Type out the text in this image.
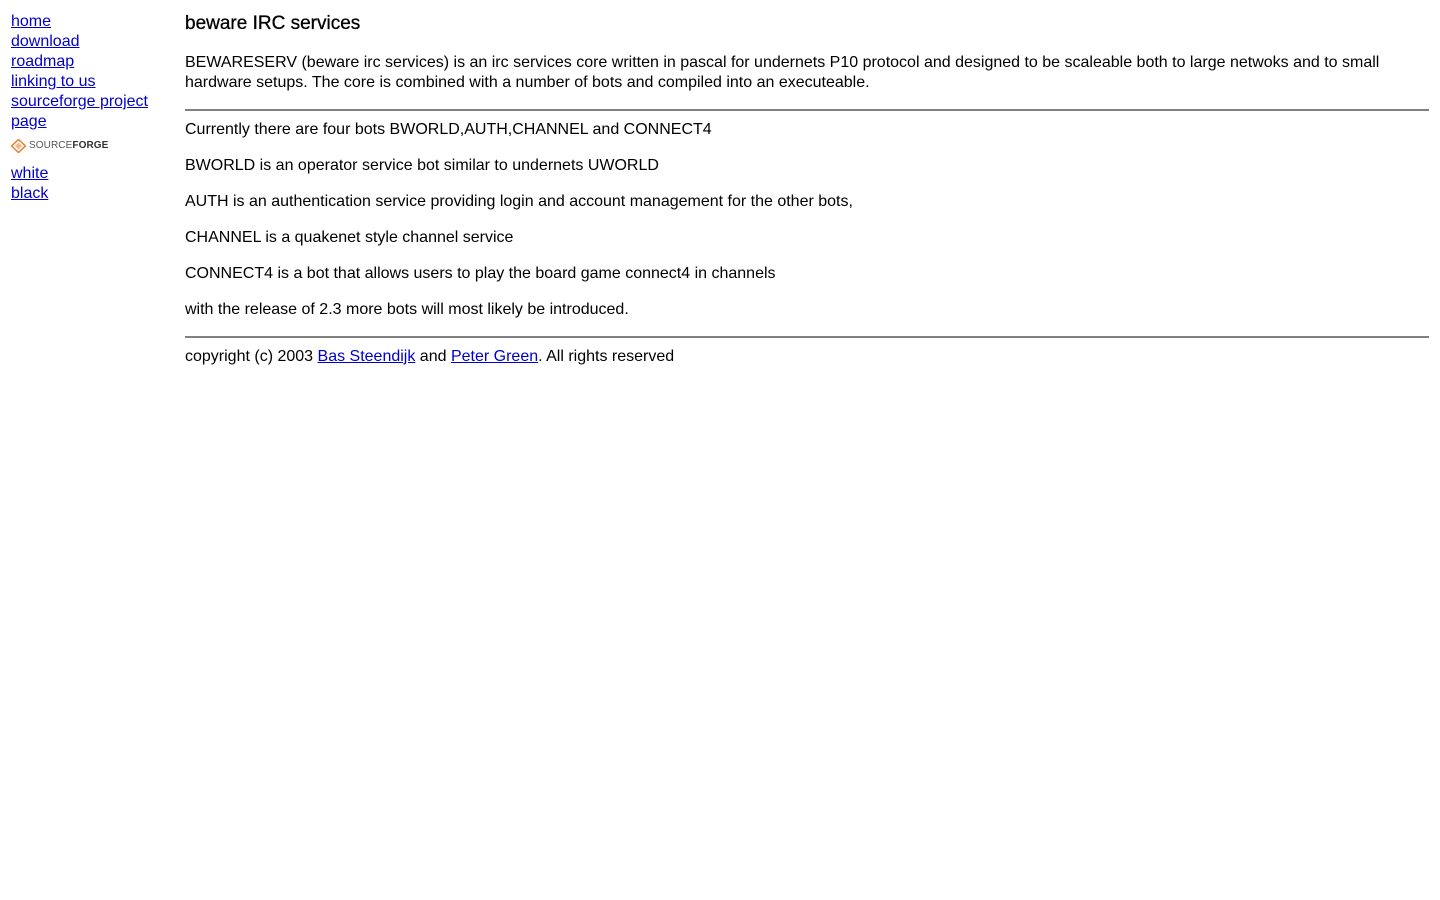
home
download
roadmap
linking to us
sourceforge project page
SOURCEFORGE
white
black
beware IRC services

BEWARESERV (beware irc services) is an irc services core written in pascal for undernets P10 protocol and designed to be scaleable both to large netwoks and to small hardware setups. The core is combined with a number of bots and compiled into an executeable.

Currently there are four bots BWORLD,AUTH,CHANNEL and CONNECT4

BWORLD is an operator service bot similar to undernets UWORLD

AUTH is an authentication service providing login and account management for the other bots,

CHANNEL is a quakenet style channel service

CONNECT4 is a bot that allows users to play the board game connect4 in channels

with the release of 2.3 more bots will most likely be introduced.

copyright (c) 2003 Bas Steendijk and Peter Green. All rights reserved
